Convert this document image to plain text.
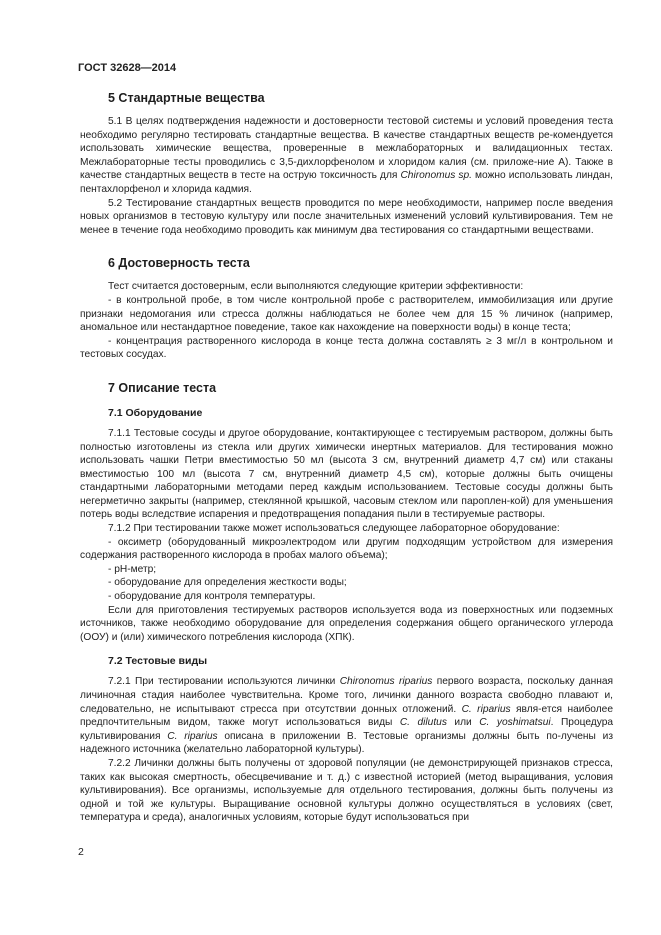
ГОСТ 32628—2014
5 Стандартные вещества

5.1 В целях подтверждения надежности и достоверности тестовой системы и условий проведения теста необходимо регулярно тестировать стандартные вещества. В качестве стандартных веществ ре-комендуется использовать химические вещества, проверенные в межлабораторных и валидационных тестах. Межлабораторные тесты проводились с 3,5-дихлорфенолом и хлоридом калия (см. приложе-ние А). Также в качестве стандартных веществ в тесте на острую токсичность для Chironomus sp. можно использовать линдан, пентахлорфенол и хлорида кадмия.

5.2 Тестирование стандартных веществ проводится по мере необходимости, например после введения новых организмов в тестовую культуру или после значительных изменений условий культивирования. Тем не менее в течение года необходимо проводить как минимум два тестирования со стандартными веществами.

6 Достоверность теста

Тест считается достоверным, если выполняются следующие критерии эффективности:

- в контрольной пробе, в том числе контрольной пробе с растворителем, иммобилизация или другие признаки недомогания или стресса должны наблюдаться не более чем для 15 % личинок (например, аномальное или нестандартное поведение, такое как нахождение на поверхности воды) в конце теста;

- концентрация растворенного кислорода в конце теста должна составлять ≥ 3 мг/л в контрольном и тестовых сосудах.

7 Описание теста
7.1 Оборудование

7.1.1 Тестовые сосуды и другое оборудование, контактирующее с тестируемым раствором, должны быть полностью изготовлены из стекла или других химически инертных материалов. Для тестирования можно использовать чашки Петри вместимостью 50 мл (высота 3 см, внутренний диаметр 4,7 см) или стаканы вместимостью 100 мл (высота 7 см, внутренний диаметр 4,5 см), которые должны быть очищены стандартными лабораторными методами перед каждым использованием. Тестовые сосуды должны быть негерметично закрыты (например, стеклянной крышкой, часовым стеклом или пароплен-кой) для уменьшения потерь воды вследствие испарения и предотвращения попадания пыли в тестируемые растворы.

7.1.2 При тестировании также может использоваться следующее лабораторное оборудование:

- оксиметр (оборудованный микроэлектродом или другим подходящим устройством для измерения содержания растворенного кислорода в пробах малого объема);

- pH-метр;

- оборудование для определения жесткости воды;

- оборудование для контроля температуры.

Если для приготовления тестируемых растворов используется вода из поверхностных или подземных источников, также необходимо оборудование для определения содержания общего органического углерода (ООУ) и (или) химического потребления кислорода (ХПК).

7.2 Тестовые виды

7.2.1 При тестировании используются личинки Chironomus riparius первого возраста, поскольку данная личиночная стадия наиболее чувствительна. Кроме того, личинки данного возраста свободно плавают и, следовательно, не испытывают стресса при отсутствии донных отложений. C. riparius явля-ется наиболее предпочтительным видом, также могут использоваться виды C. dilutus или C. yoshimatsui. Процедура культивирования C. riparius описана в приложении В. Тестовые организмы должны быть по-лучены из надежного источника (желательно лабораторной культуры).

7.2.2 Личинки должны быть получены от здоровой популяции (не демонстрирующей признаков стресса, таких как высокая смертность, обесцвечивание и т. д.) с известной историей (метод выращивания, условия культивирования). Все организмы, используемые для отдельного тестирования, должны быть получены из одной и той же культуры. Выращивание основной культуры должно осуществляться в условиях (свет, температура и среда), аналогичных условиям, которые будут использоваться при

2
